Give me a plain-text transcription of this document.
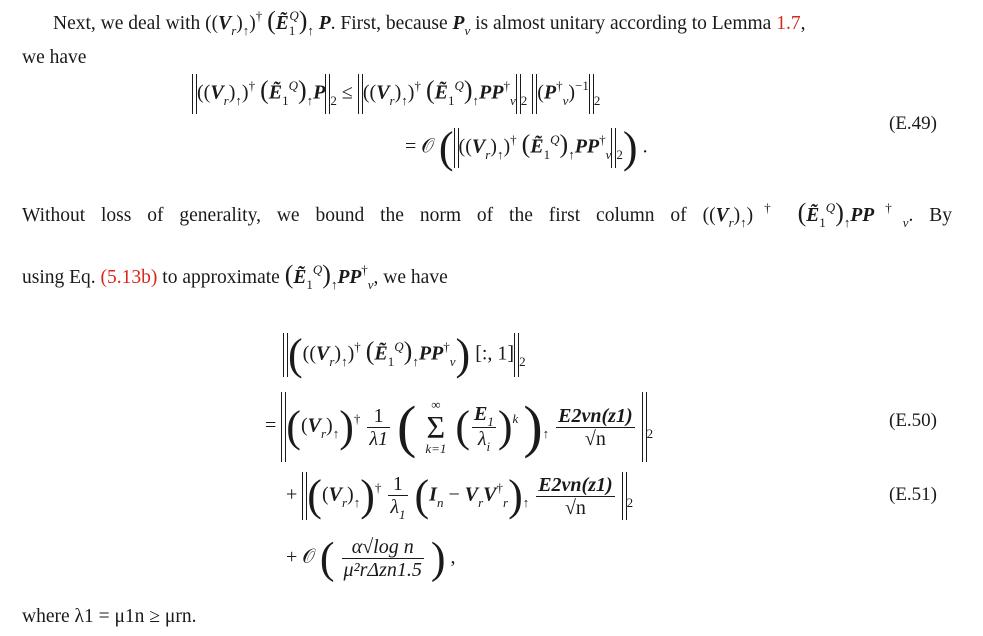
Next, we deal with $((V_r)_↑)^\dagger$ $(Ẽ_1^Q)_↑$ P. First, because $P_v$ is almost unitary according to Lemma 1.7,
we have
$((V_r)_↑)^\dagger$ $(Ẽ_1^Q)_↑P$ $_2 \le ((V_r)_↑)^\dagger$ $(Ẽ_1^Q)_↑PP^\dagger_v$ $_2$ $(P^\dagger_v)^{-1}_2$
(E.49)
= 𝒪 ( $((V_r)_↑)^\dagger$ $(Ẽ_1^Q)_↑PP^\dagger_v$ $_2$) .
Without loss of generality, we bound the norm of the first column of $((V_r)_↑)^\dagger$ $(Ẽ_1^Q)_↑PP^\dagger_v$. By
using Eq. (5.13b) to approximate $(Ẽ_1^Q)_↑PP^\dagger_v$, we have
($((V_r)_↑)^\dagger$ $(Ẽ_1^Q)_↑PP^\dagger_v$) [:, 1] $_2$
= $((V_r)_↑)^\dagger \frac{1}{\lambda 1}$ (	∞
Σ
k=1 ( $\frac{E_1}{\lambda_i} )^k$ )$_↑ \frac{E2vn(z1)}{√n} _2$
(E.50)
+ $((V_r)_↑)^\dagger \frac{1}{\lambda_1} (I_n - V_rV^\dagger_r)_↑ \frac{E2vn(z1)}{√n} _2$	(E.51)
+ 𝒪 ( $\frac{\text{α√log n}}{\text{μ²rΔzn1.5}}$ ) ,
where λ1 = μ1n ≥ μrn.
